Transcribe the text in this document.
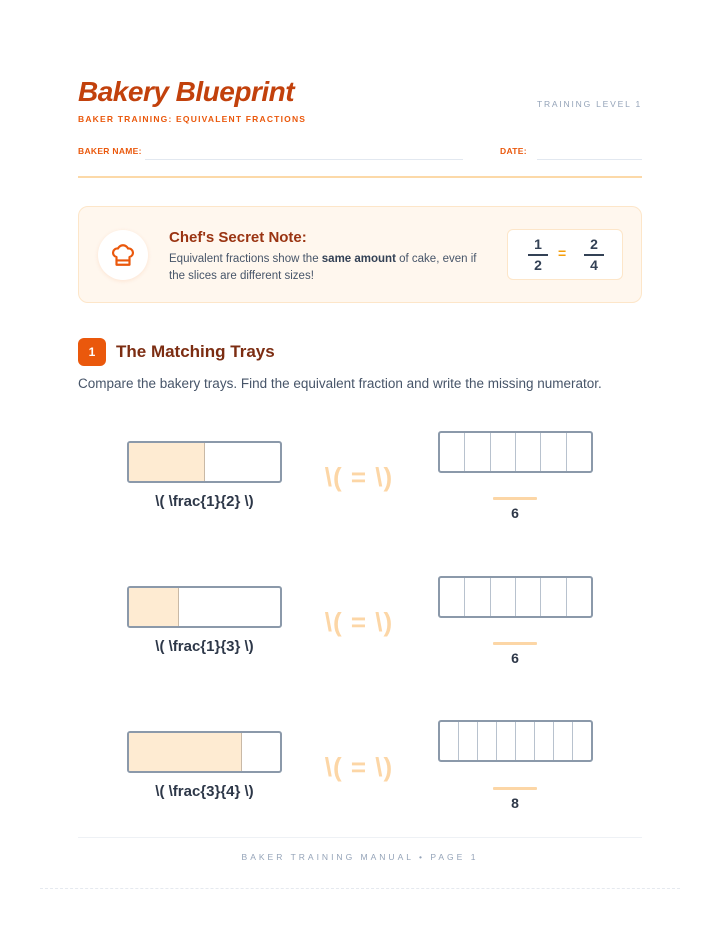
Bakery Blueprint
BAKER TRAINING: EQUIVALENT FRACTIONS
TRAINING LEVEL 1
BAKER NAME:	DATE:
Chef's Secret Note:
Equivalent fractions show the same amount of cake, even if the slices are different sizes!
1
2
=
2
4
1	The Matching Trays
Compare the bakery trays. Find the equivalent fraction and write the missing numerator.
\( \frac{1}{2} \)
\( = \)
6
\( \frac{1}{3} \)
\( = \)
6
\( \frac{3}{4} \)
\( = \)
8
BAKER TRAINING MANUAL • PAGE 1
